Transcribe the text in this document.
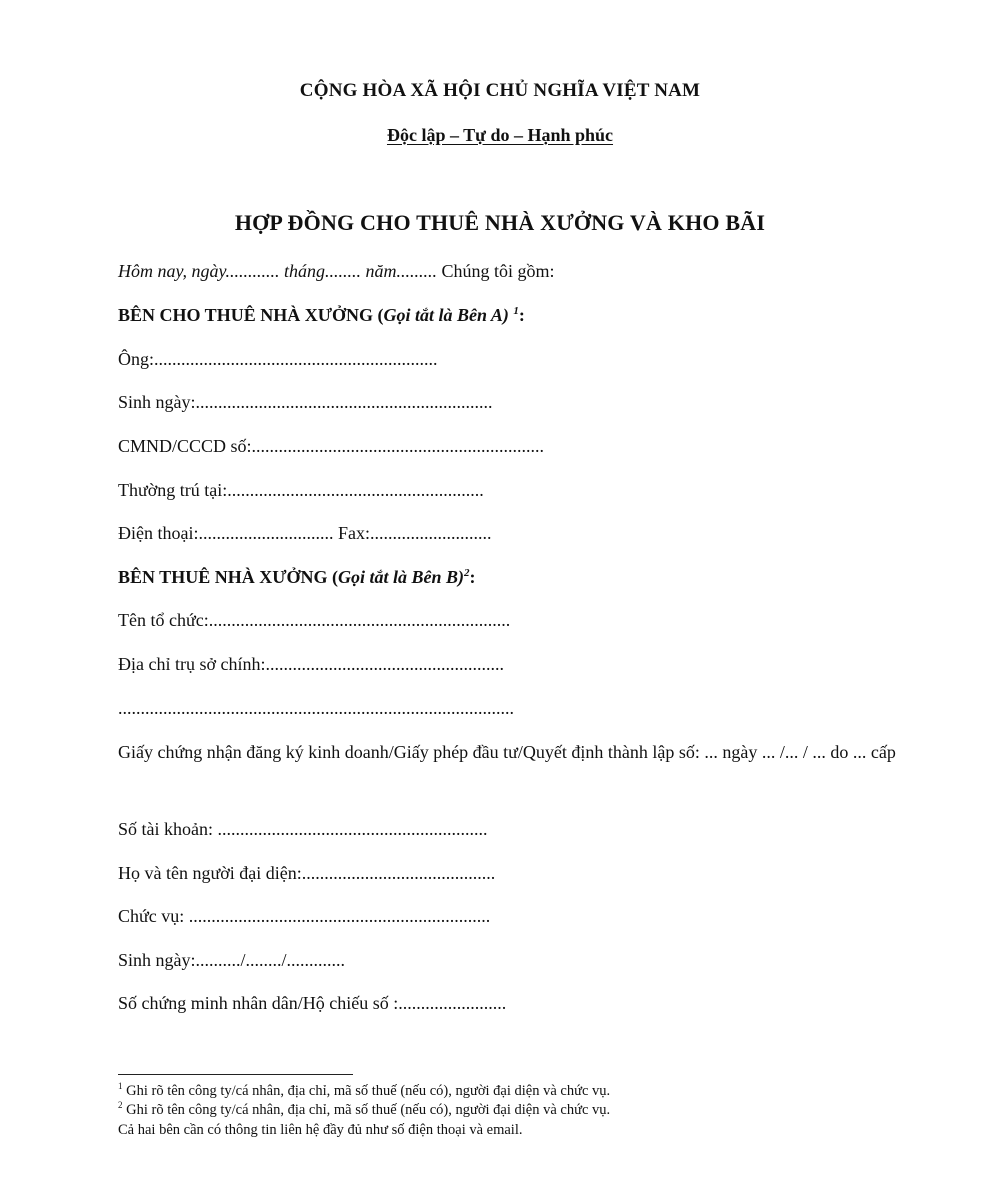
CỘNG HÒA XÃ HỘI CHỦ NGHĨA VIỆT NAM
Độc lập – Tự do – Hạnh phúc
HỢP ĐỒNG CHO THUÊ NHÀ XƯỞNG VÀ KHO BÃI
Hôm nay, ngày............ tháng........ năm......... Chúng tôi gồm:
BÊN CHO THUÊ NHÀ XƯỞNG (Gọi tắt là Bên A) $^1$:
Ông:...............................................................
Sinh ngày:..................................................................
CMND/CCCD số:.................................................................
Thường trú tại:.........................................................
Điện thoại:.............................. Fax:...........................
BÊN THUÊ NHÀ XƯỞNG (Gọi tắt là Bên B)$^2$:
Tên tổ chức:...................................................................
Địa chỉ trụ sở chính:.....................................................
........................................................................................
Giấy chứng nhận đăng ký kinh doanh/Giấy phép đầu tư/Quyết định thành lập số: ... ngày ... /... / ... do ... cấp
Số tài khoản: ............................................................
Họ và tên người đại diện:...........................................
Chức vụ: ...................................................................
Sinh ngày:........../......../.............
Số chứng minh nhân dân/Hộ chiếu số :........................
$^1$ Ghi rõ tên công ty/cá nhân, địa chỉ, mã số thuế (nếu có), người đại diện và chức vụ.
$^2$ Ghi rõ tên công ty/cá nhân, địa chỉ, mã số thuế (nếu có), người đại diện và chức vụ.
Cả hai bên cần có thông tin liên hệ đầy đủ như số điện thoại và email.
